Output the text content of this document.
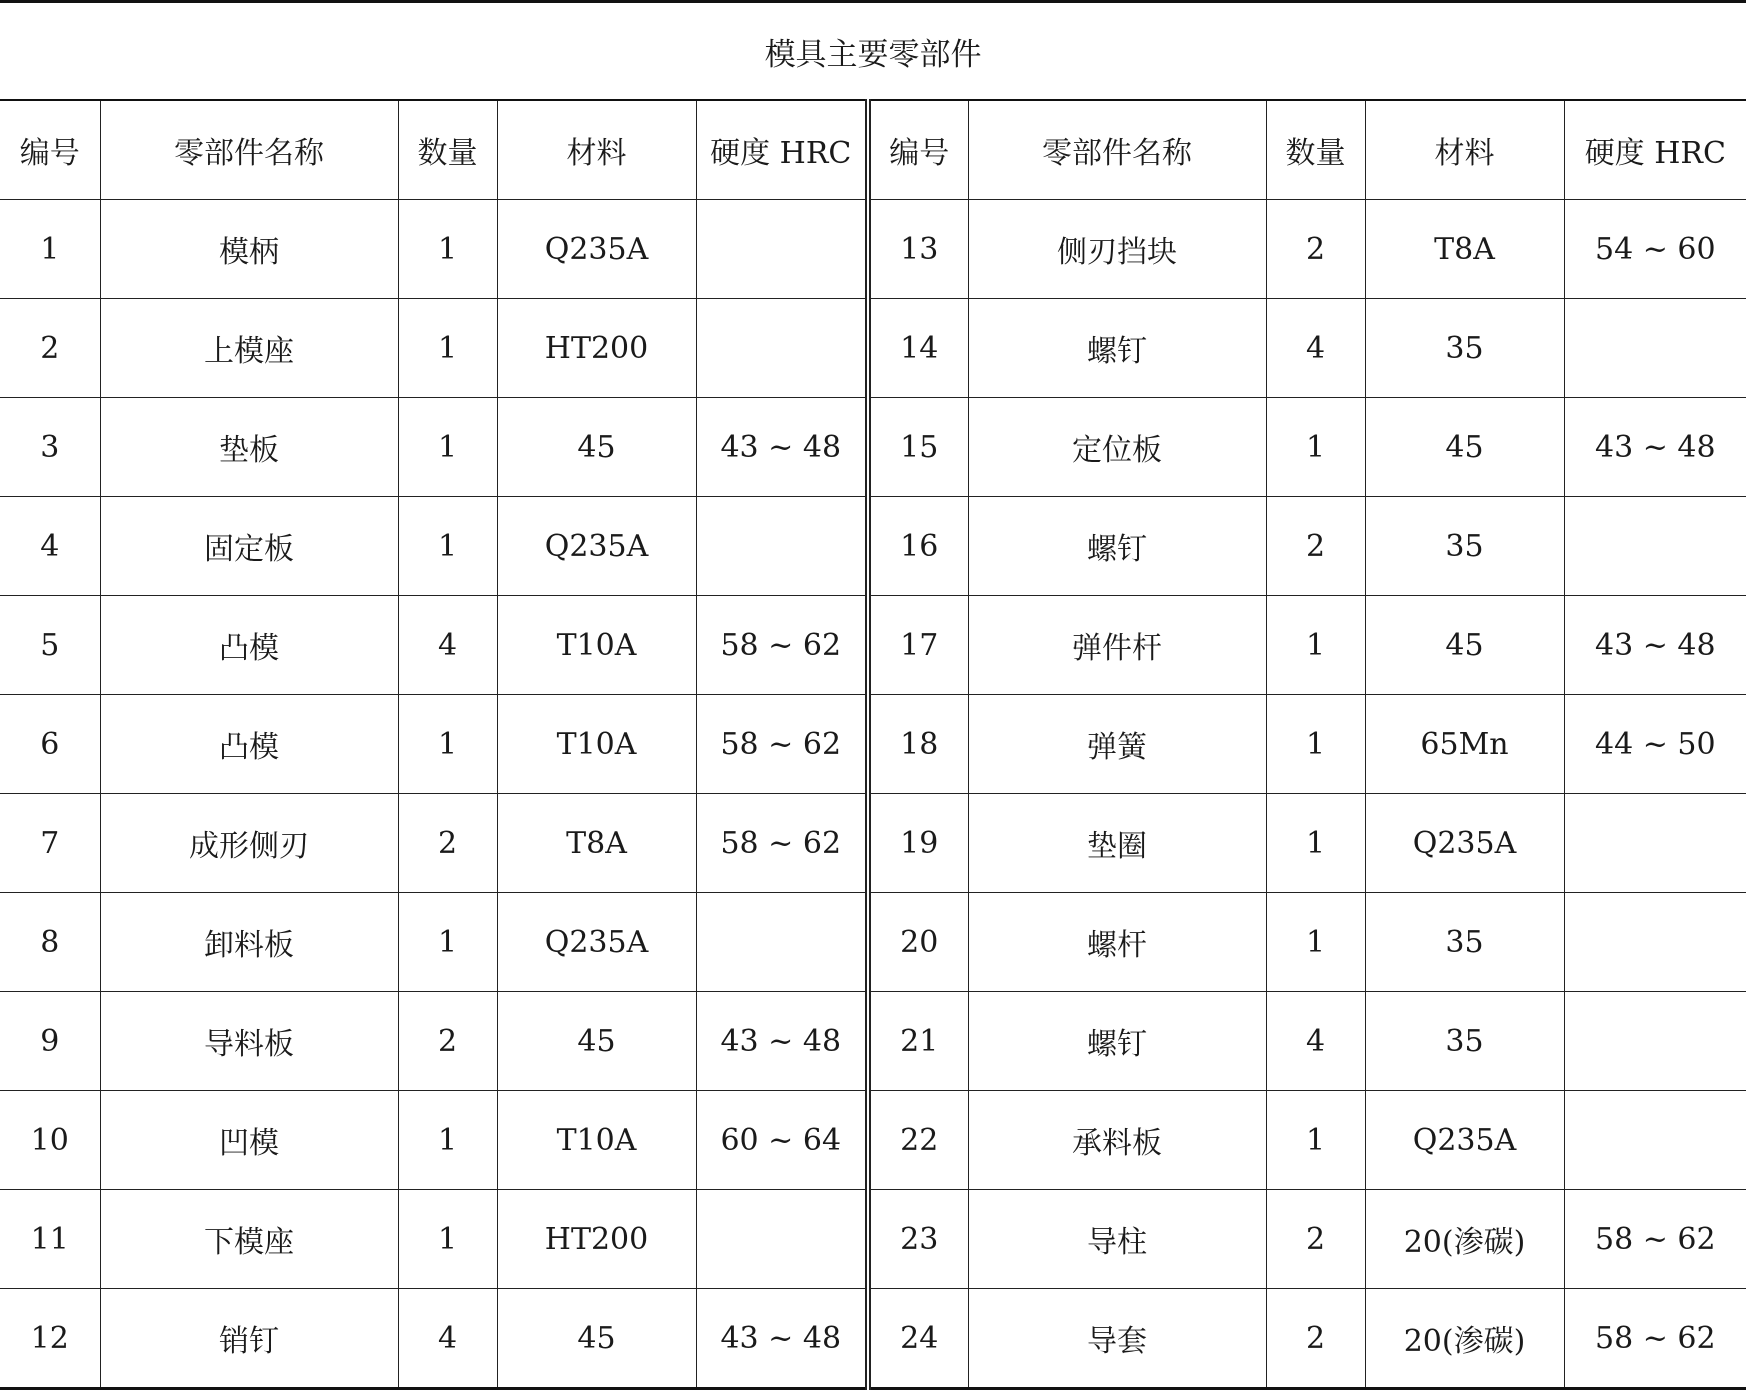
模具主要零部件									
编号	零部件名称	数量	材料	硬度 HRC	编号	零部件名称	数量	材料	硬度 HRC
1	模柄	1	Q235A		13	侧刃挡块	2	T8A	54 ~ 60
2	上模座	1	HT200		14	螺钉	4	35	
3	垫板	1	45	43 ~ 48	15	定位板	1	45	43 ~ 48
4	固定板	1	Q235A		16	螺钉	2	35	
5	凸模	4	T10A	58 ~ 62	17	弹件杆	1	45	43 ~ 48
6	凸模	1	T10A	58 ~ 62	18	弹簧	1	65Mn	44 ~ 50
7	成形侧刃	2	T8A	58 ~ 62	19	垫圈	1	Q235A	
8	卸料板	1	Q235A		20	螺杆	1	35	
9	导料板	2	45	43 ~ 48	21	螺钉	4	35	
10	凹模	1	T10A	60 ~ 64	22	承料板	1	Q235A	
11	下模座	1	HT200		23	导柱	2	20(渗碳)	58 ~ 62
12	销钉	4	45	43 ~ 48	24	导套	2	20(渗碳)	58 ~ 62
